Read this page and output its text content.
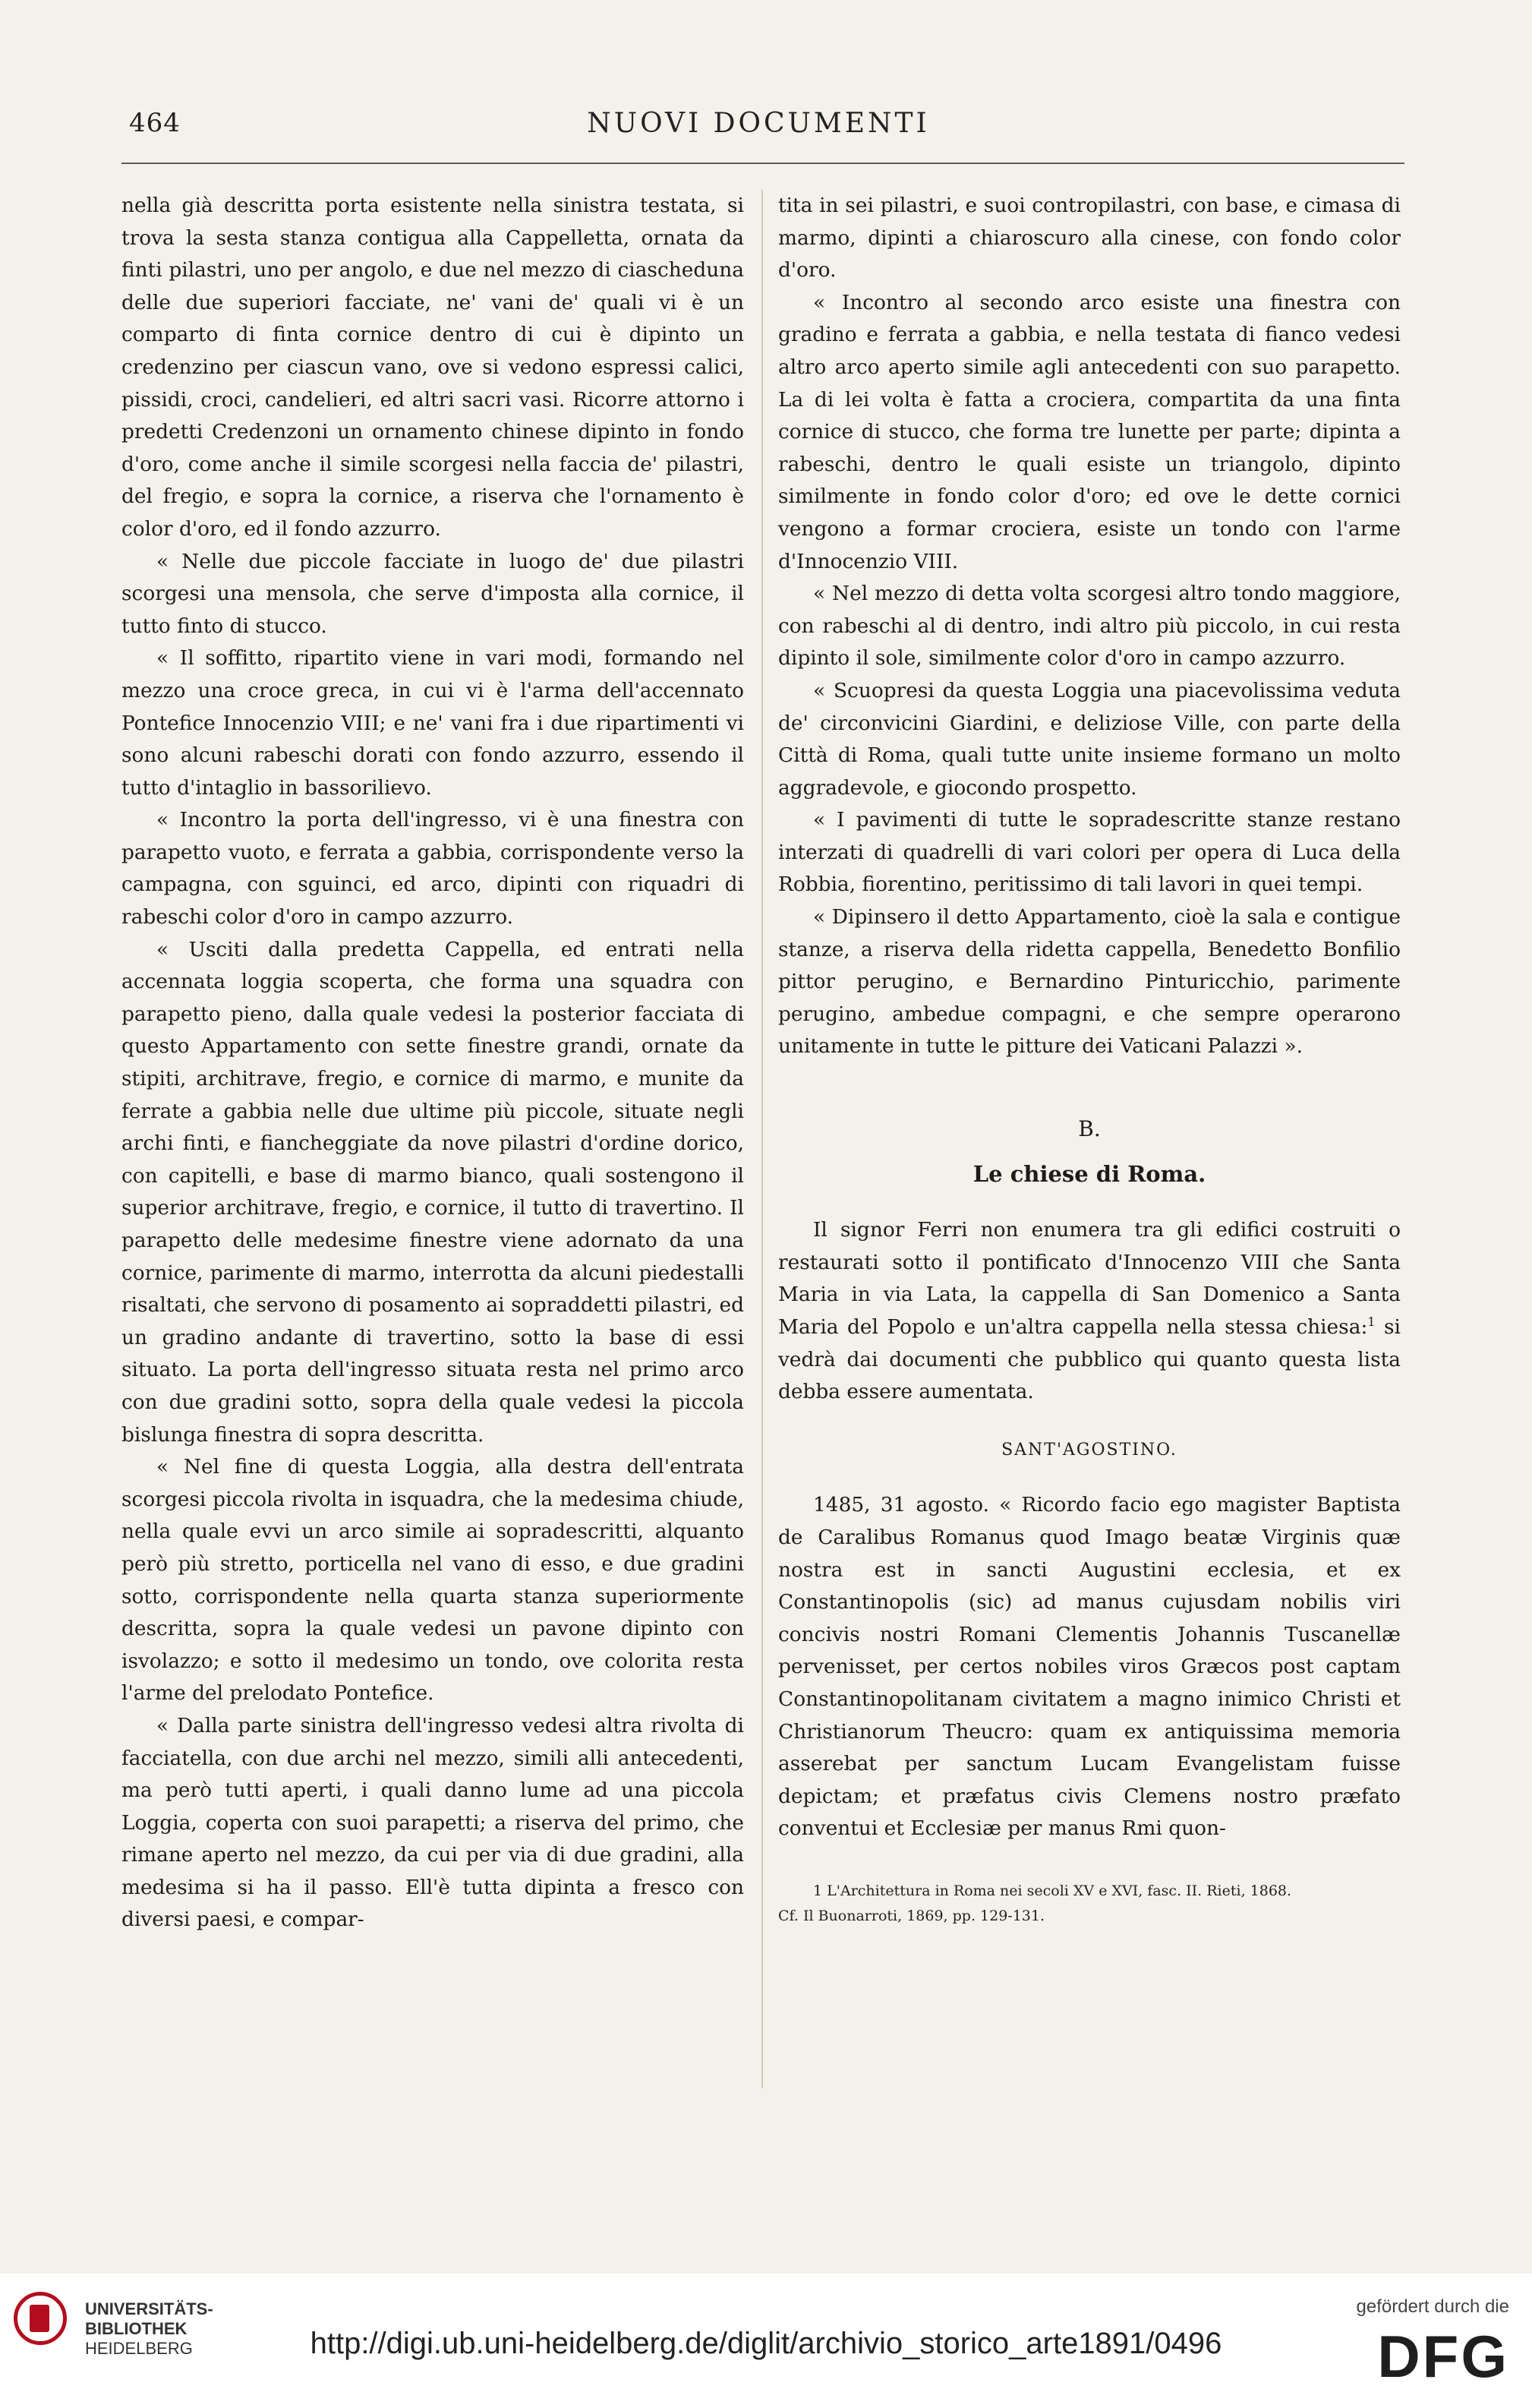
464	NUOVI DOCUMENTI

nella già descritta porta esistente nella sinistra testata, si trova la sesta stanza contigua alla Cappelletta, ornata da finti pilastri, uno per angolo, e due nel mezzo di ciascheduna delle due superiori facciate, ne' vani de' quali vi è un comparto di finta cornice dentro di cui è dipinto un credenzino per ciascun vano, ove si vedono espressi calici, pissidi, croci, candelieri, ed altri sacri vasi. Ricorre attorno i predetti Credenzoni un ornamento chinese dipinto in fondo d'oro, come anche il simile scorgesi nella faccia de' pilastri, del fregio, e sopra la cornice, a riserva che l'ornamento è color d'oro, ed il fondo azzurro.

« Nelle due piccole facciate in luogo de' due pilastri scorgesi una mensola, che serve d'imposta alla cornice, il tutto finto di stucco.

« Il soffitto, ripartito viene in vari modi, formando nel mezzo una croce greca, in cui vi è l'arma dell'accennato Pontefice Innocenzio VIII; e ne' vani fra i due ripartimenti vi sono alcuni rabeschi dorati con fondo azzurro, essendo il tutto d'intaglio in bassorilievo.

« Incontro la porta dell'ingresso, vi è una finestra con parapetto vuoto, e ferrata a gabbia, corrispondente verso la campagna, con sguinci, ed arco, dipinti con riquadri di rabeschi color d'oro in campo azzurro.

« Usciti dalla predetta Cappella, ed entrati nella accennata loggia scoperta, che forma una squadra con parapetto pieno, dalla quale vedesi la posterior facciata di questo Appartamento con sette finestre grandi, ornate da stipiti, architrave, fregio, e cornice di marmo, e munite da ferrate a gabbia nelle due ultime più piccole, situate negli archi finti, e fiancheggiate da nove pilastri d'ordine dorico, con capitelli, e base di marmo bianco, quali sostengono il superior architrave, fregio, e cornice, il tutto di travertino. Il parapetto delle medesime finestre viene adornato da una cornice, parimente di marmo, interrotta da alcuni piedestalli risaltati, che servono di posamento ai sopraddetti pilastri, ed un gradino andante di travertino, sotto la base di essi situato. La porta dell'ingresso situata resta nel primo arco con due gradini sotto, sopra della quale vedesi la piccola bislunga finestra di sopra descritta.

« Nel fine di questa Loggia, alla destra dell'entrata scorgesi piccola rivolta in isquadra, che la medesima chiude, nella quale evvi un arco simile ai sopradescritti, alquanto però più stretto, porticella nel vano di esso, e due gradini sotto, corrispondente nella quarta stanza superiormente descritta, sopra la quale vedesi un pavone dipinto con isvolazzo; e sotto il medesimo un tondo, ove colorita resta l'arme del prelodato Pontefice.

« Dalla parte sinistra dell'ingresso vedesi altra rivolta di facciatella, con due archi nel mezzo, simili alli antecedenti, ma però tutti aperti, i quali danno lume ad una piccola Loggia, coperta con suoi parapetti; a riserva del primo, che rimane aperto nel mezzo, da cui per via di due gradini, alla medesima si ha il passo. Ell'è tutta dipinta a fresco con diversi paesi, e compar-

tita in sei pilastri, e suoi contropilastri, con base, e cimasa di marmo, dipinti a chiaroscuro alla cinese, con fondo color d'oro.

« Incontro al secondo arco esiste una finestra con gradino e ferrata a gabbia, e nella testata di fianco vedesi altro arco aperto simile agli antecedenti con suo parapetto. La di lei volta è fatta a crociera, compartita da una finta cornice di stucco, che forma tre lunette per parte; dipinta a rabeschi, dentro le quali esiste un triangolo, dipinto similmente in fondo color d'oro; ed ove le dette cornici vengono a formar crociera, esiste un tondo con l'arme d'Innocenzio VIII.

« Nel mezzo di detta volta scorgesi altro tondo maggiore, con rabeschi al di dentro, indi altro più piccolo, in cui resta dipinto il sole, similmente color d'oro in campo azzurro.

« Scuopresi da questa Loggia una piacevolissima veduta de' circonvicini Giardini, e deliziose Ville, con parte della Città di Roma, quali tutte unite insieme formano un molto aggradevole, e giocondo prospetto.

« I pavimenti di tutte le sopradescritte stanze restano interzati di quadrelli di vari colori per opera di Luca della Robbia, fiorentino, peritissimo di tali lavori in quei tempi.

« Dipinsero il detto Appartamento, cioè la sala e contigue stanze, a riserva della ridetta cappella, Benedetto Bonfilio pittor perugino, e Bernardino Pinturicchio, parimente perugino, ambedue compagni, e che sempre operarono unitamente in tutte le pitture dei Vaticani Palazzi ».

B.
Le chiese di Roma.

Il signor Ferri non enumera tra gli edifici costruiti o restaurati sotto il pontificato d'Innocenzo VIII che Santa Maria in via Lata, la cappella di San Domenico a Santa Maria del Popolo e un'altra cappella nella stessa chiesa:$^1$ si vedrà dai documenti che pubblico qui quanto questa lista debba essere aumentata.

SANT'AGOSTINO.

1485, 31 agosto. « Ricordo facio ego magister Baptista de Caralibus Romanus quod Imago beatæ Virginis quæ nostra est in sancti Augustini ecclesia, et ex Constantinopolis (sic) ad manus cujusdam nobilis viri concivis nostri Romani Clementis Johannis Tuscanellæ pervenisset, per certos nobiles viros Græcos post captam Constantinopolitanam civitatem a magno inimico Christi et Christianorum Theucro: quam ex antiquissima memoria asserebat per sanctum Lucam Evangelistam fuisse depictam; et præfatus civis Clemens nostro præfato conventui et Ecclesiæ per manus Rmi quon-

1 L'Architettura in Roma nei secoli XV e XVI, fasc. II. Rieti, 1868.

Cf. Il Buonarroti, 1869, pp. 129-131.

UNIVERSITÄTS-
BIBLIOTHEK
HEIDELBERG	http://digi.ub.uni-heidelberg.de/diglit/archivio_storico_arte1891/0496
gefördert durch die
DFG
